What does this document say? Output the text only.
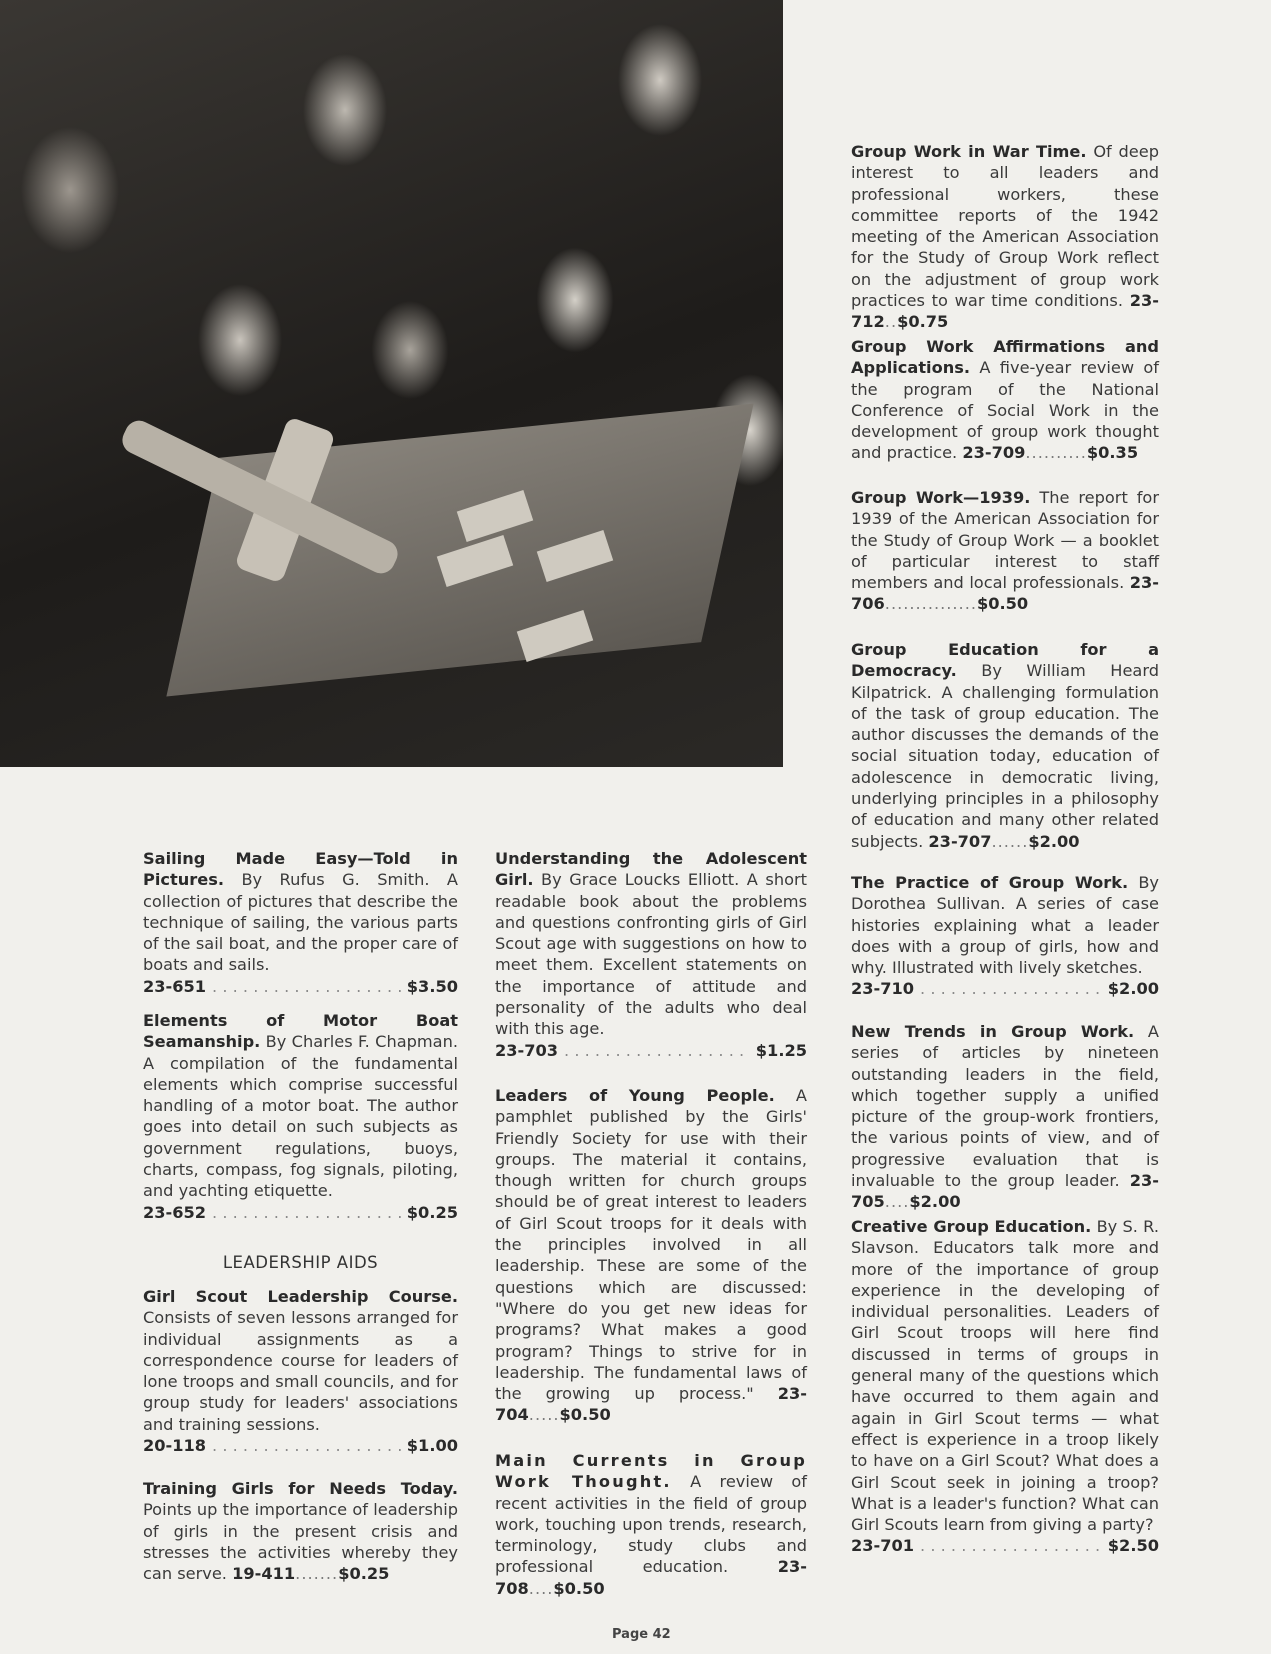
Group Work in War Time. Of deep interest to all leaders and professional workers, these committee reports of the 1942 meeting of the American Association for the Study of Group Work reflect on the adjustment of group work practices to war time conditions. 23-712..$0.75
Group Work Affirmations and Applications. A five-year review of the program of the National Conference of Social Work in the development of group work thought and practice. 23-709..........$0.35
Group Work—1939. The report for 1939 of the American Association for the Study of Group Work — a booklet of particular interest to staff members and local professionals. 23-706...............$0.50
Group Education for a Democracy. By William Heard Kilpatrick. A challenging formulation of the task of group education. The author discusses the demands of the social situation today, education of adolescence in democratic living, underlying principles in a philosophy of education and many other related subjects. 23-707......$2.00
The Practice of Group Work. By Dorothea Sullivan. A series of case histories explaining what a leader does with a group of girls, how and why. Illustrated with lively sketches.
23-710 . . .	$2.00
New Trends in Group Work. A series of articles by nineteen outstanding leaders in the field, which together supply a unified picture of the group-work frontiers, the various points of view, and of progressive evaluation that is invaluable to the group leader. 23-705....$2.00
Creative Group Education. By S. R. Slavson. Educators talk more and more of the importance of group experience in the developing of individual personalities. Leaders of Girl Scout troops will here find discussed in terms of groups in general many of the questions which have occurred to them again and again in Girl Scout terms — what effect is experience in a troop likely to have on a Girl Scout? What does a Girl Scout seek in joining a troop? What is a leader's function? What can Girl Scouts learn from giving a party?
23-701 . . .	$2.50
Sailing Made Easy—Told in Pictures. By Rufus G. Smith. A collection of pictures that describe the technique of sailing, the various parts of the sail boat, and the proper care of boats and sails.
23-651 . . .	$3.50
Elements of Motor Boat Seamanship. By Charles F. Chapman. A compilation of the fundamental elements which comprise successful handling of a motor boat. The author goes into detail on such subjects as government regulations, buoys, charts, compass, fog signals, piloting, and yachting etiquette.
23-652 . . .	$0.25
LEADERSHIP AIDS
Girl Scout Leadership Course. Consists of seven lessons arranged for individual assignments as a correspondence course for leaders of lone troops and small councils, and for group study for leaders' associations and training sessions.
20-118 . . .	$1.00
Training Girls for Needs Today. Points up the importance of leadership of girls in the present crisis and stresses the activities whereby they can serve. 19-411.......$0.25
Understanding the Adolescent Girl. By Grace Loucks Elliott. A short readable book about the problems and questions confronting girls of Girl Scout age with suggestions on how to meet them. Excellent statements on the importance of attitude and personality of the adults who deal with this age.
23-703 . . .	$1.25
Leaders of Young People. A pamphlet published by the Girls' Friendly Society for use with their groups. The material it contains, though written for church groups should be of great interest to leaders of Girl Scout troops for it deals with the principles involved in all leadership. These are some of the questions which are discussed: "Where do you get new ideas for programs? What makes a good program? Things to strive for in leadership. The fundamental laws of the growing up process." 23-704.....$0.50
Main Currents in Group Work Thought. A review of recent activities in the field of group work, touching upon trends, research, terminology, study clubs and professional education.	23-708....$0.50
Page 42
